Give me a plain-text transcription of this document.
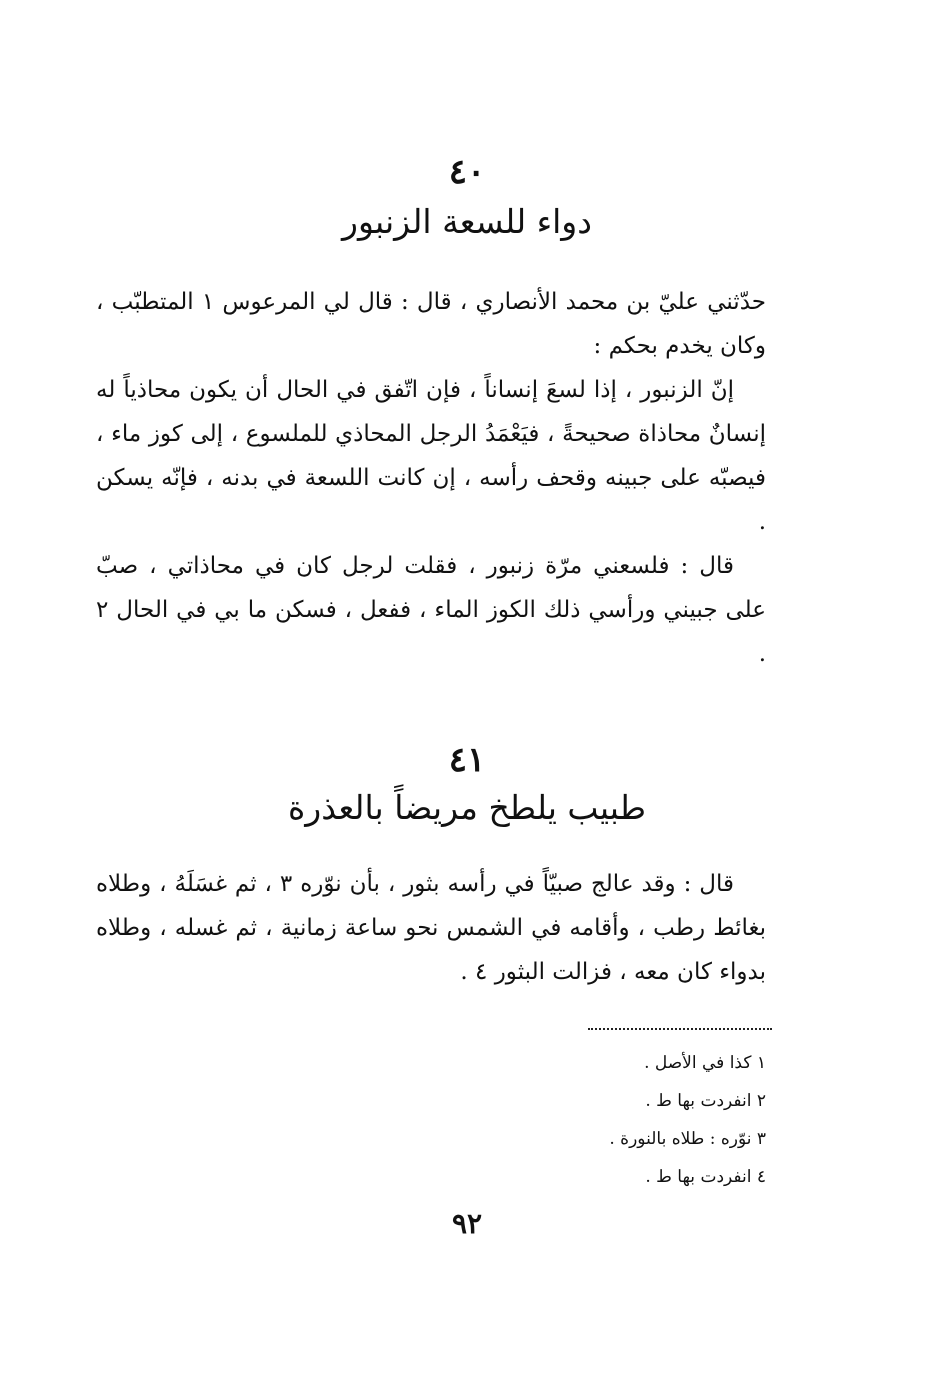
٤٠
دواء للسعة الزنبور

حدّثني عليّ بن محمد الأنصاري ، قال : قال لي المرعوس ١ المتطبّب ، وكان يخدم بحكم :

إنّ الزنبور ، إذا لسعَ إنساناً ، فإن اتّفق في الحال أن يكون محاذياً له إنسانٌ محاذاة صحيحةً ، فيَعْمَدُ الرجل المحاذي للملسوع ، إلى كوز ماء ، فيصبّه على جبينه وقحف رأسه ، إن كانت اللسعة في بدنه ، فإنّه يسكن .

قال : فلسعني مرّة زنبور ، فقلت لرجل كان في محاذاتي ، صبّ على جبيني ورأسي ذلك الكوز الماء ، ففعل ، فسكن ما بي في الحال ٢ .

٤١
طبيب يلطخ مريضاً بالعذرة

قال : وقد عالج صبيّاً في رأسه بثور ، بأن نوّره ٣ ، ثم غسَلَهُ ، وطلاه بغائط رطب ، وأقامه في الشمس نحو ساعة زمانية ، ثم غسله ، وطلاه بدواء كان معه ، فزالت البثور ٤ .

١ كذا في الأصل .
٢ انفردت بها ط .
٣ نوّره : طلاه بالنورة .
٤ انفردت بها ط .
٩٢
